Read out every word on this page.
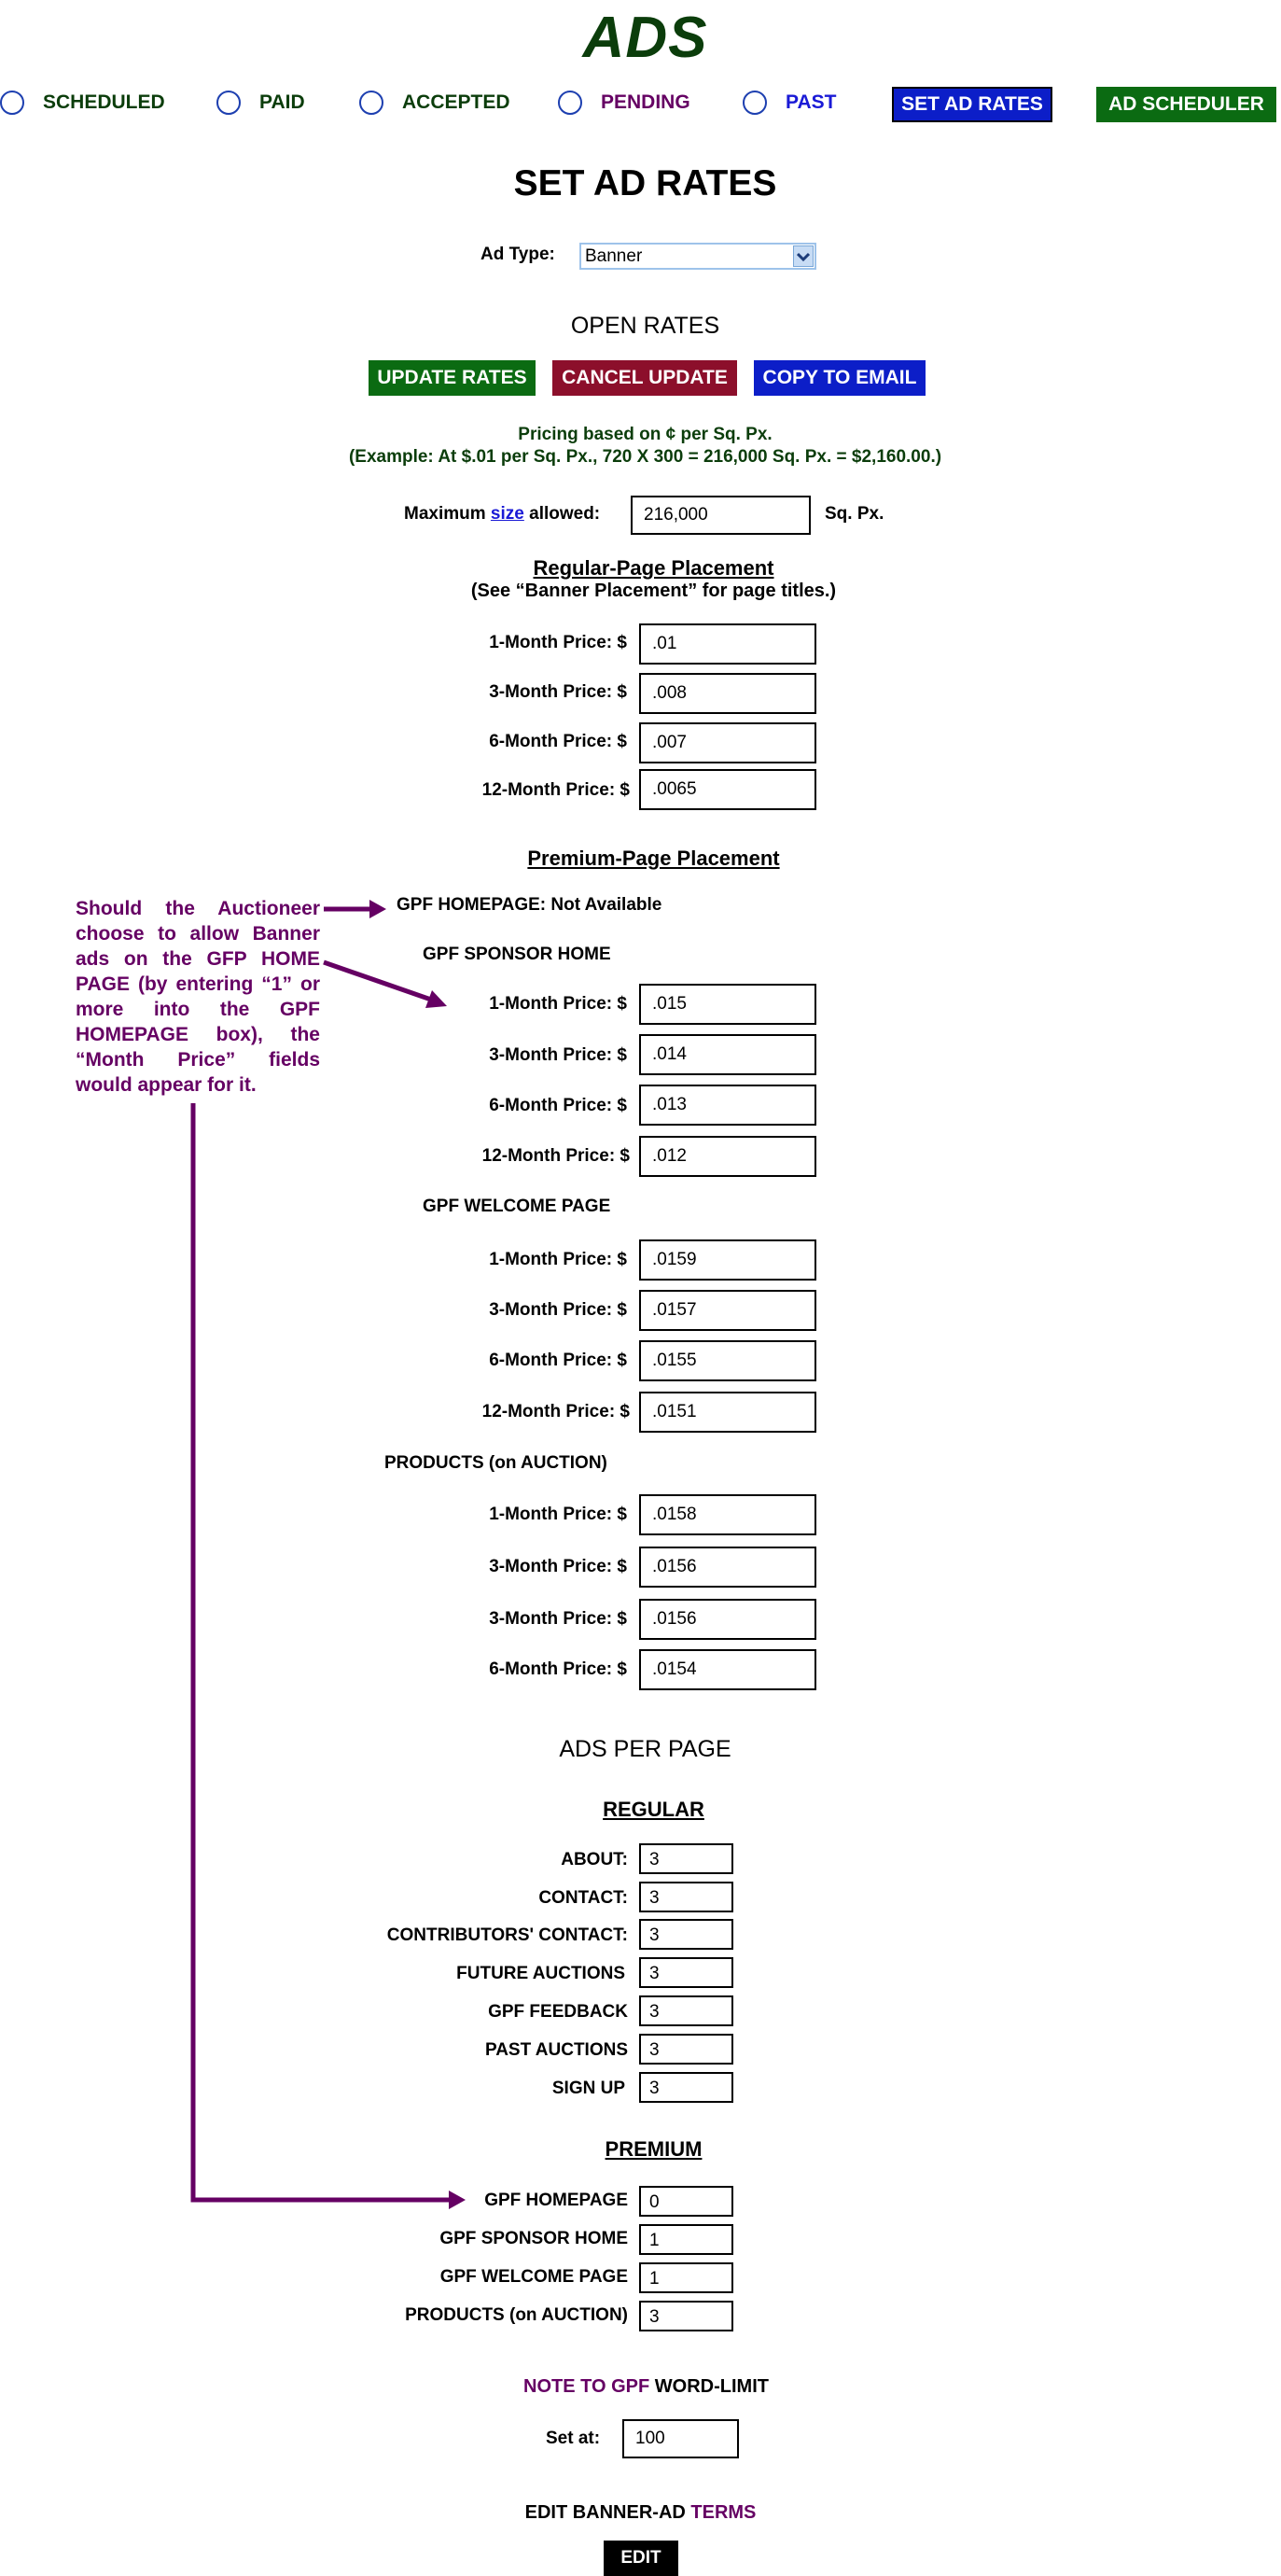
ADS
SCHEDULED	PAID	ACCEPTED	PENDING	PAST	SET AD RATES	AD SCHEDULER
SET AD RATES
Ad Type: Banner
OPEN RATES
UPDATE RATES	CANCEL UPDATE	COPY TO EMAIL
Pricing based on ¢ per Sq. Px.
(Example: At $.01 per Sq. Px., 720 X 300 = 216,000 Sq. Px. = $2,160.00.)
Maximum size allowed:	216,000	Sq. Px.
Regular-Page Placement
(See “Banner Placement” for page titles.)
1-Month Price: $	.01
3-Month Price: $	.008
6-Month Price: $	.007
12-Month Price: $	.0065
Premium-Page Placement
GPF HOMEPAGE: Not Available
GPF SPONSOR HOME
1-Month Price: $	.015
3-Month Price: $	.014
6-Month Price: $	.013
12-Month Price: $	.012
GPF WELCOME PAGE
1-Month Price: $	.0159
3-Month Price: $	.0157
6-Month Price: $	.0155
12-Month Price: $	.0151
PRODUCTS (on AUCTION)
1-Month Price: $	.0158
3-Month Price: $	.0156
3-Month Price: $	.0156
6-Month Price: $	.0154
Should the Auctioneer choose to allow Banner ads on the GFP HOME PAGE (by entering “1” or more into the GPF HOMEPAGE box), the “Month Price” fields would appear for it.
ADS PER PAGE
REGULAR
ABOUT:	3
CONTACT:	3
CONTRIBUTORS' CONTACT:	3
FUTURE AUCTIONS	3
GPF FEEDBACK	3
PAST AUCTIONS	3
SIGN UP	3
PREMIUM
GPF HOMEPAGE	0
GPF SPONSOR HOME	1
GPF WELCOME PAGE	1
PRODUCTS (on AUCTION)	3
NOTE TO GPF WORD-LIMIT
Set at:	100
EDIT BANNER-AD TERMS
EDIT
